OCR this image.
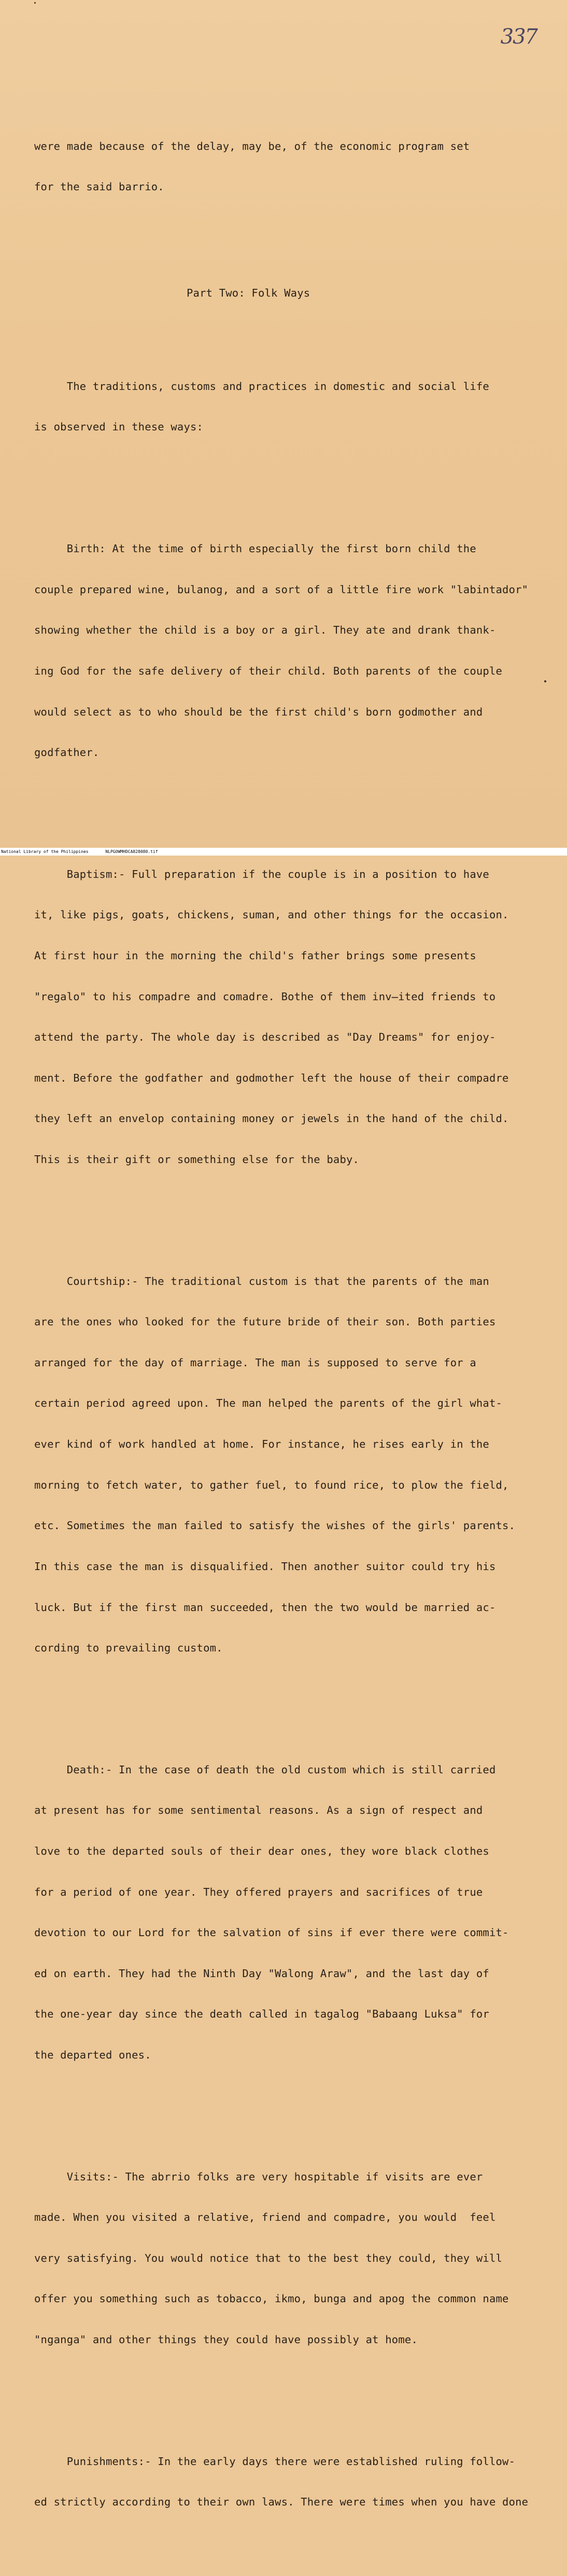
337

were made because of the delay, may be, of the economic program set

for the said barrio.

Part Two: Folk Ways

The traditions, customs and practices in domestic and social life

is observed in these ways:

Birth: At the time of birth especially the first born child the

couple prepared wine, bulanog, and a sort of a little fire work "labintador"

showing whether the child is a boy or a girl. They ate and drank thank-

ing God for the safe delivery of their child. Both parents of the couple

would select as to who should be the first child's born godmother and

godfather.

Baptism:- Full preparation if the couple is in a position to have

it, like pigs, goats, chickens, suman, and other things for the occasion.

At first hour in the morning the child's father brings some presents

"regalo" to his compadre and comadre. Bothe of them inv̶ited friends to

attend the party. The whole day is described as "Day Dreams" for enjoy-

ment. Before the godfather and godmother left the house of their compadre

they left an envelop containing money or jewels in the hand of the child.

This is their gift or something else for the baby.

Courtship:- The traditional custom is that the parents of the man

are the ones who looked for the future bride of their son. Both parties

arranged for the day of marriage. The man is supposed to serve for a

certain period agreed upon. The man helped the parents of the girl what-

ever kind of work handled at home. For instance, he rises early in the

morning to fetch water, to gather fuel, to found rice, to plow the field,

etc. Sometimes the man failed to satisfy the wishes of the girls' parents.

In this case the man is disqualified. Then another suitor could try his

luck. But if the first man succeeded, then the two would be married ac-

cording to prevailing custom.

Death:- In the case of death the old custom which is still carried

at present has for some sentimental reasons. As a sign of respect and

love to the departed souls of their dear ones, they wore black clothes

for a period of one year. They offered prayers and sacrifices of true

devotion to our Lord for the salvation of sins if ever there were commit-

ed on earth. They had the Ninth Day "Walong Araw", and the last day of

the one-year day since the death called in tagalog "Babaang Luksa" for

the departed ones.

Visits:- The abrrio folks are very hospitable if visits are ever

made. When you visited a relative, friend and compadre, you would  feel

very satisfying. You would notice that to the best they could, they will

offer you something such as tobacco, ikmo, bunga and apog the common name

"nganga" and other things they could have possibly at home.

Punishments:- In the early days there were established ruling follow-

ed strictly according to their own laws. There were times when you have done

National Library of the Philippines	NLPGOWMHDCA828080.tif
